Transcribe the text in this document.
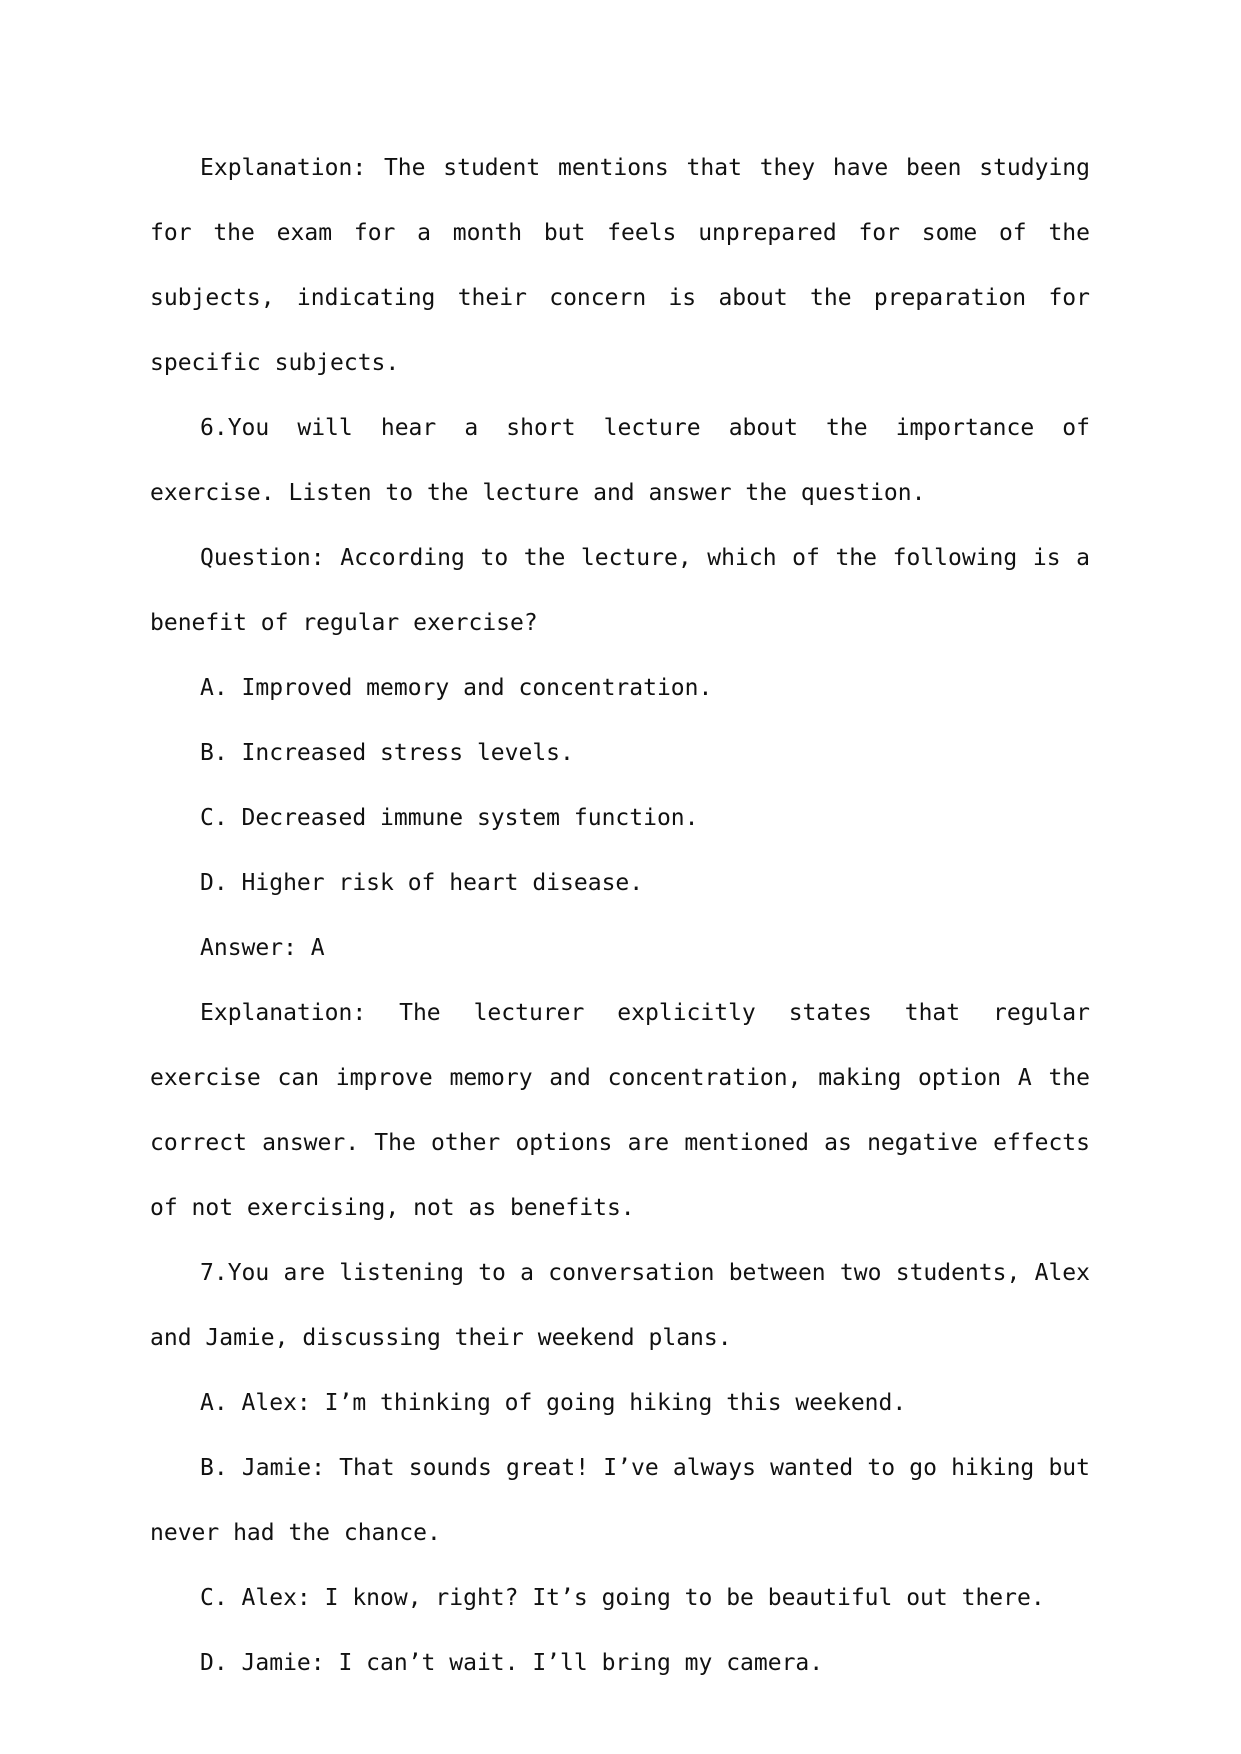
Explanation: The student mentions that they have been studying for the exam for a month but feels unprepared for some of the subjects, indicating their concern is about the preparation for specific subjects.

6.You will hear a short lecture about the importance of exercise. Listen to the lecture and answer the question.

Question: According to the lecture, which of the following is a benefit of regular exercise?

A. Improved memory and concentration.

B. Increased stress levels.

C. Decreased immune system function.

D. Higher risk of heart disease.

Answer: A

Explanation: The lecturer explicitly states that regular exercise can improve memory and concentration, making option A the correct answer. The other options are mentioned as negative effects of not exercising, not as benefits.

7.You are listening to a conversation between two students, Alex and Jamie, discussing their weekend plans.

A. Alex: I’m thinking of going hiking this weekend.

B. Jamie: That sounds great! I’ve always wanted to go hiking but never had the chance.

C. Alex: I know, right? It’s going to be beautiful out there.

D. Jamie: I can’t wait. I’ll bring my camera.
